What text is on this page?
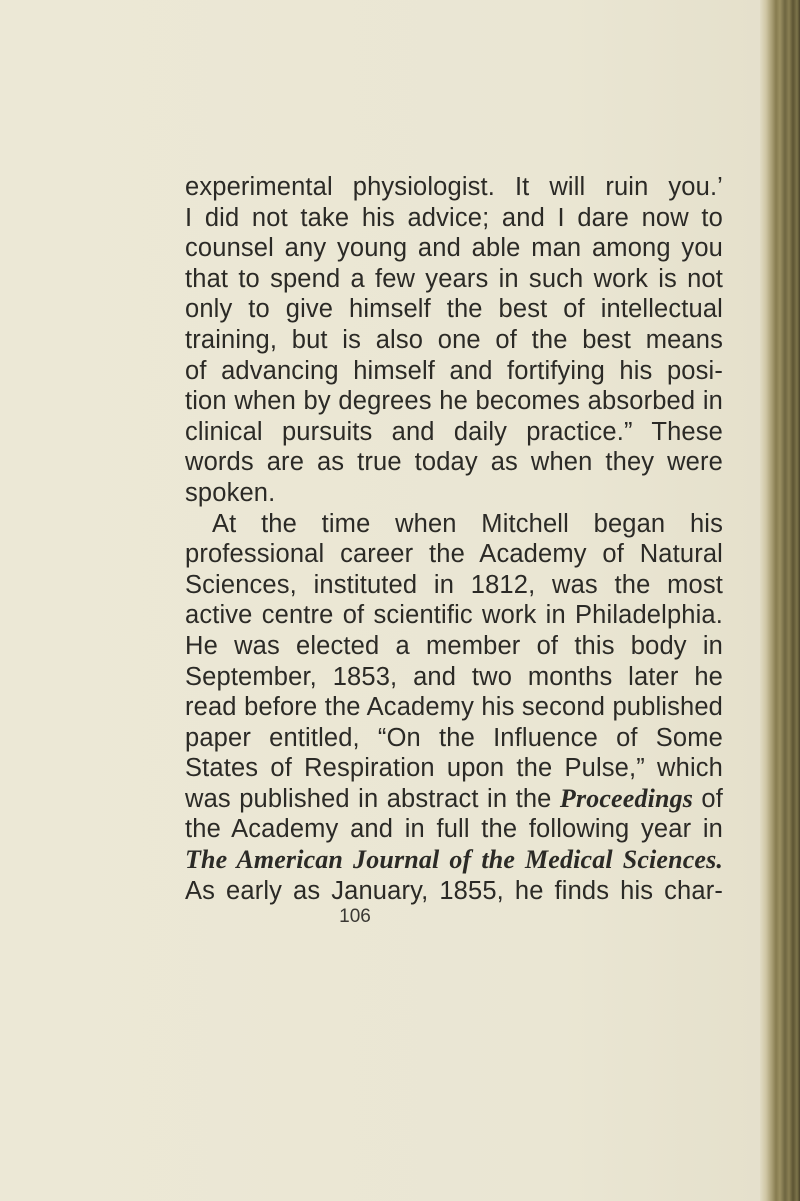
experimental physiologist. It will ruin you.’
I did not take his advice; and I dare now to
counsel any young and able man among you
that to spend a few years in such work is not
only to give himself the best of intellectual
training, but is also one of the best means
of advancing himself and fortifying his posi-
tion when by degrees he becomes absorbed in
clinical pursuits and daily practice.” These
words are as true today as when they were
spoken.
At the time when Mitchell began his
professional career the Academy of Natural
Sciences, instituted in 1812, was the most
active centre of scientific work in Philadelphia.
He was elected a member of this body in
September, 1853, and two months later he
read before the Academy his second published
paper entitled, “On the Influence of Some
States of Respiration upon the Pulse,” which
was published in abstract in the Proceedings of
the Academy and in full the following year in
The American Journal of the Medical Sciences.
As early as January, 1855, he finds his char-
106
